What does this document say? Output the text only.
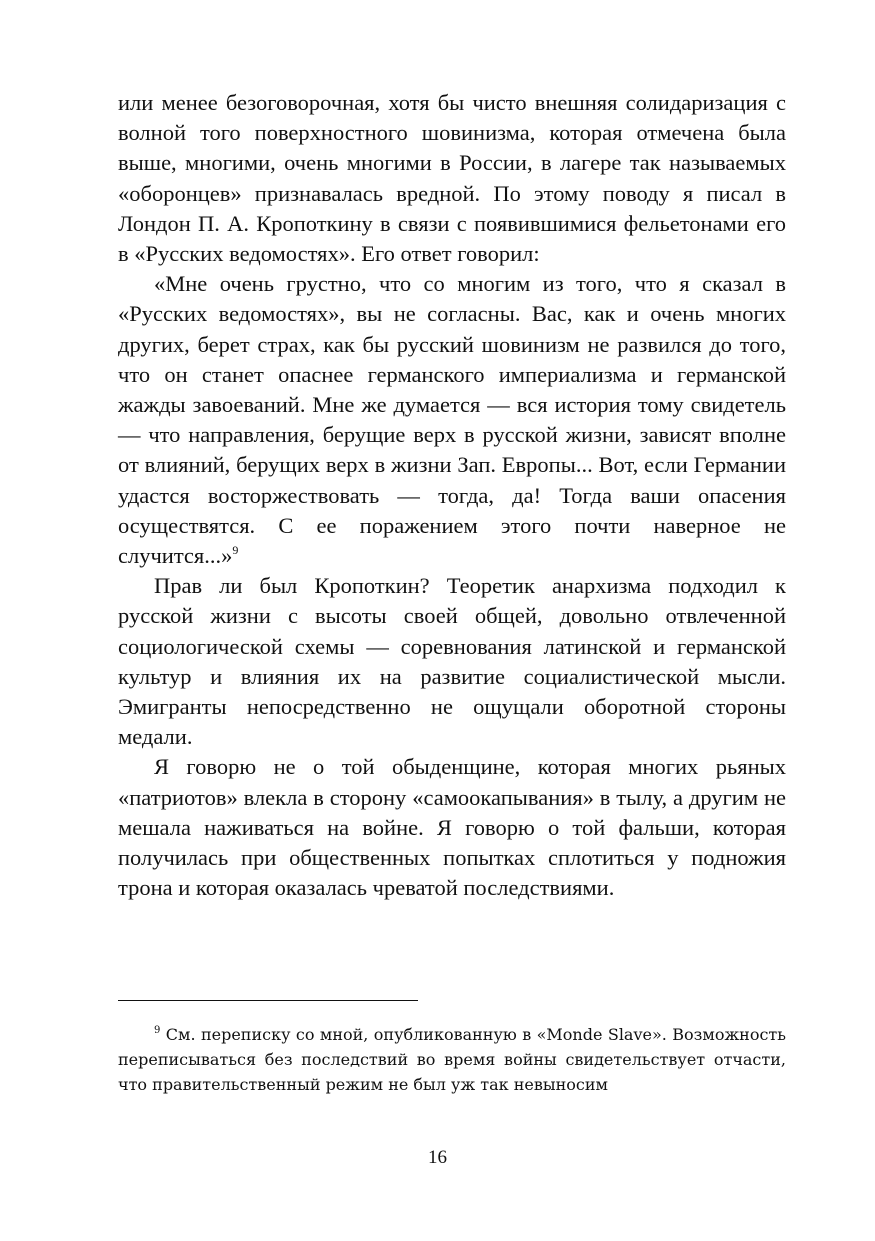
или менее безоговорочная, хотя бы чисто внешняя солидаризация с волной того поверхностного шовинизма, которая отмечена была выше, многими, очень многими в России, в лагере так называемых «оборонцев» признавалась вредной. По этому поводу я писал в Лондон П. А. Кропоткину в связи с появившимися фельетонами его в «Русских ведомостях». Его ответ говорил:

«Мне очень грустно, что со многим из того, что я сказал в «Русских ведомостях», вы не согласны. Вас, как и очень многих других, берет страх, как бы русский шовинизм не развился до того, что он станет опаснее германского империализма и германской жажды завоеваний. Мне же думается — вся история тому свидетель — что направления, берущие верх в русской жизни, зависят вполне от влияний, берущих верх в жизни Зап. Европы... Вот, если Германии удастся восторжествовать — тогда, да! Тогда ваши опасения осуществятся. С ее поражением этого почти наверное не случится...»$^9$

Прав ли был Кропоткин? Теоретик анархизма подходил к русской жизни с высоты своей общей, довольно отвлеченной социологической схемы — соревнования латинской и германской культур и влияния их на развитие социалистической мысли. Эмигранты непосредственно не ощущали оборотной стороны медали.

Я говорю не о той обыденщине, которая многих рьяных «патриотов» влекла в сторону «самоокапывания» в тылу, а другим не мешала наживаться на войне. Я говорю о той фальши, которая получилась при общественных попытках сплотиться у подножия трона и которая оказалась чреватой последствиями.

$^9$ См. переписку со мной, опубликованную в «Monde Slave». Возможность переписываться без последствий во время войны свидетельствует отчасти, что правительственный режим не был уж так невыносим

16
